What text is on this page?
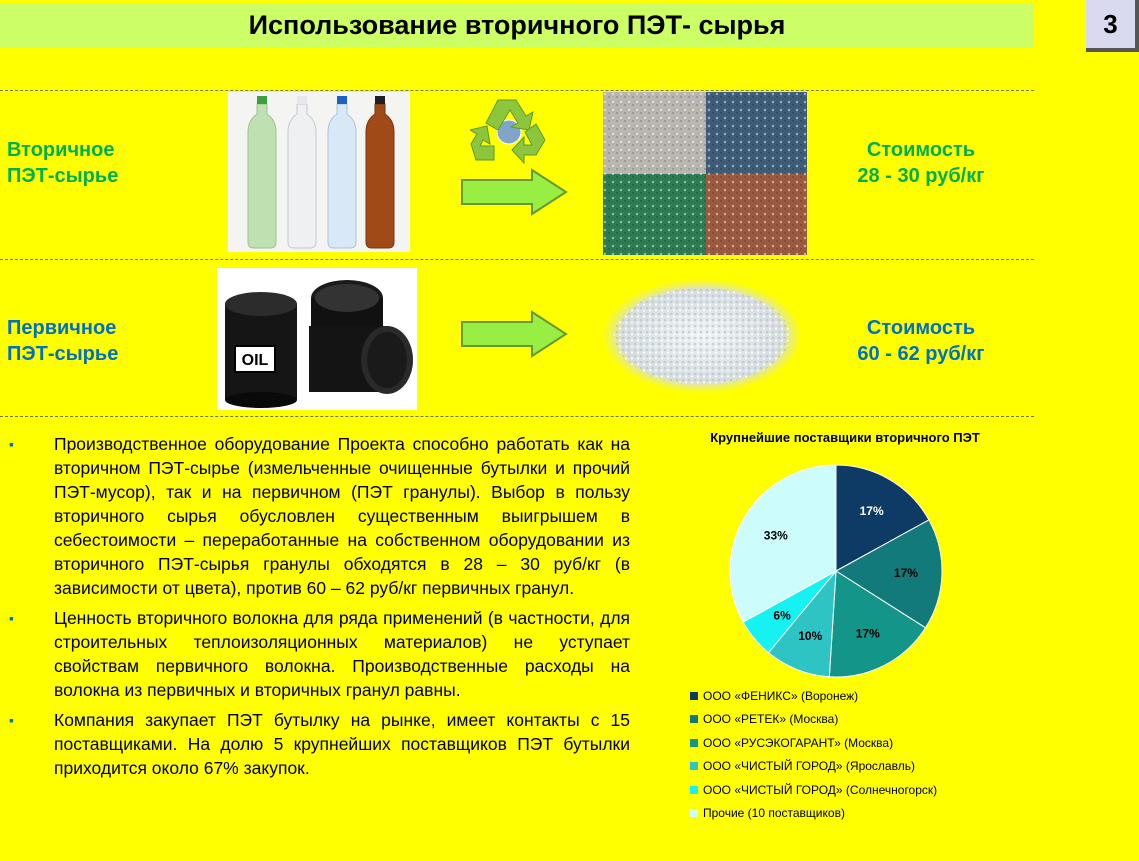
Использование вторичного ПЭТ- сырья	3
Вторичное
ПЭТ-сырье
Стоимость
28 - 30 руб/кг
Первичное
ПЭТ-сырье	OIL
Стоимость
60 - 62 руб/кг
▪ Производственное оборудование Проекта способно работать как на вторичном ПЭТ-сырье (измельченные очищенные бутылки и прочий ПЭТ-мусор), так и на первичном (ПЭТ гранулы). Выбор в пользу вторичного сырья обусловлен существенным выигрышем в себестоимости – переработанные на собственном оборудовании из вторичного ПЭТ-сырья гранулы обходятся в 28 – 30 руб/кг (в зависимости от цвета), против 60 – 62 руб/кг первичных гранул.
▪ Ценность вторичного волокна для ряда применений (в частности, для строительных теплоизоляционных материалов) не уступает свойствам первичного волокна. Производственные расходы на волокна из первичных и вторичных гранул равны.
▪ Компания закупает ПЭТ бутылку на рынке, имеет контакты с 15 поставщиками. На долю 5 крупнейших поставщиков ПЭТ бутылки приходится около 67% закупок.
Крупнейшие поставщики вторичного ПЭТ
17%
17%
17%
10%
6%
33%
ООО «ФЕНИКС» (Воронеж)
ООО «РЕТЕК» (Москва)
ООО «РУСЭКОГАРАНТ» (Москва)
ООО «ЧИСТЫЙ ГОРОД» (Ярославль)
ООО «ЧИСТЫЙ ГОРОД» (Солнечногорск)
Прочие (10 поставщиков)
